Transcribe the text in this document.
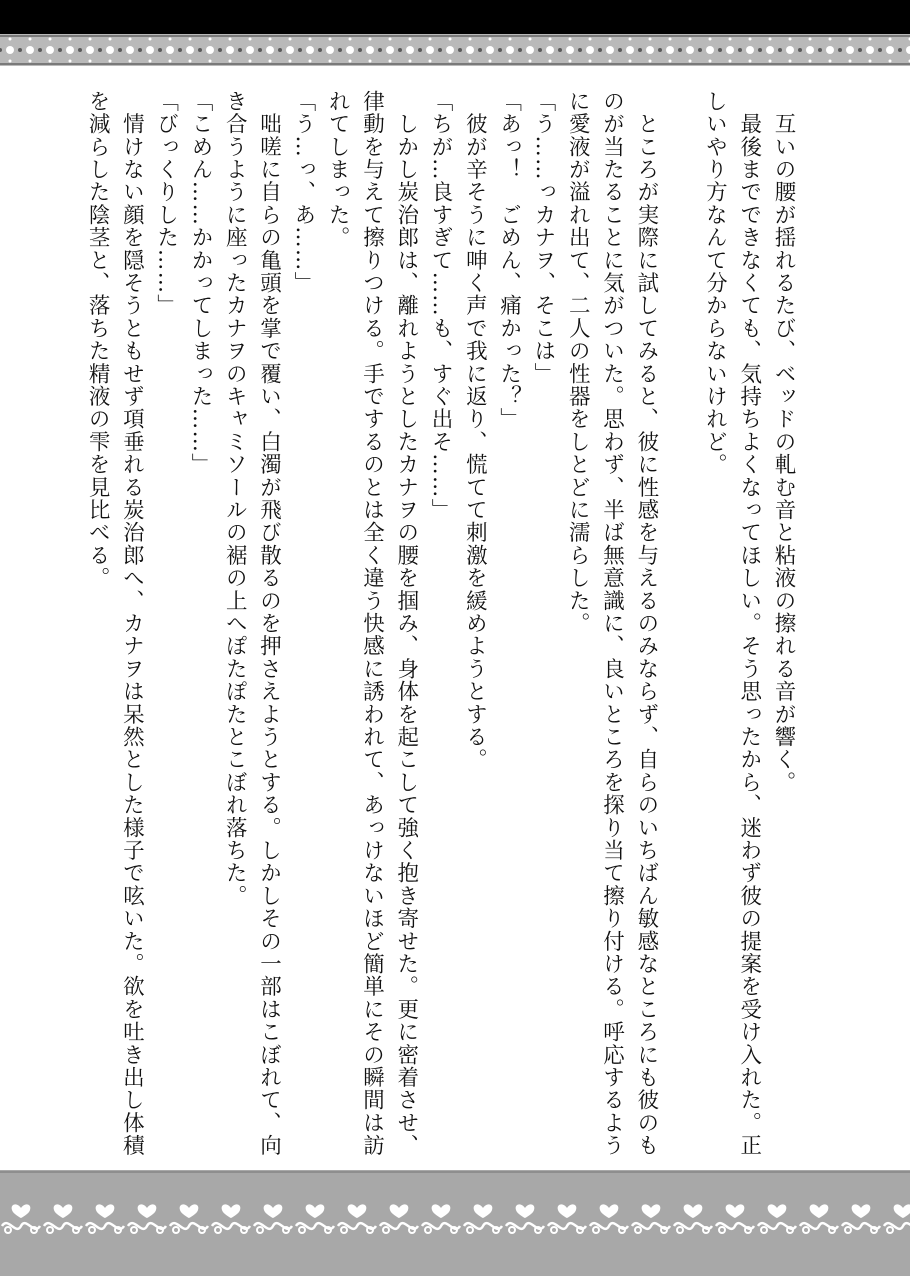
　互いの腰が揺れるたび、ベッドの軋む音と粘液の擦れる音が響く。

　最後までできなくても、気持ちよくなってほしい。そう思ったから、迷わず彼の提案を受け入れた。正しいやり方なんて分からないけれど。

　ところが実際に試してみると、彼に性感を与えるのみならず、自らのいちばん敏感なところにも彼のものが当たることに気がついた。思わず、半ば無意識に、良いところを探り当て擦り付ける。呼応するように愛液が溢れ出て、二人の性器をしとどに濡らした。

「う……っカナヲ、そこは」

「あっ！　ごめん、痛かった？」

　彼が辛そうに呻く声で我に返り、慌てて刺激を緩めようとする。

「ちが…良すぎて……も、すぐ出そ……」

　しかし炭治郎は、離れようとしたカナヲの腰を掴み、身体を起こして強く抱き寄せた。更に密着させ、律動を与えて擦りつける。手でするのとは全く違う快感に誘われて、あっけないほど簡単にその瞬間は訪れてしまった。

「う…っ、あ……」

　咄嗟に自らの亀頭を掌で覆い、白濁が飛び散るのを押さえようとする。しかしその一部はこぼれて、向き合うように座ったカナヲのキャミソールの裾の上へぽたぽたとこぼれ落ちた。

「こめん……かかってしまった……」

「びっくりした……」

　情けない顔を隠そうともせず項垂れる炭治郎へ、カナヲは呆然とした様子で呟いた。欲を吐き出し体積を減らした陰茎と、落ちた精液の雫を見比べる。
